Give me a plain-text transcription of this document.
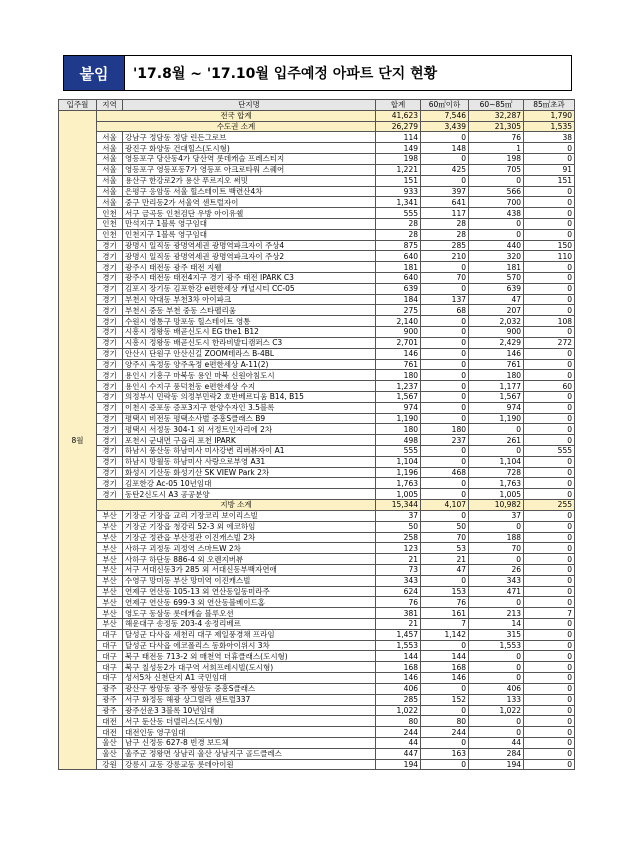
붙임	'17.8월 ~ '17.10월 입주예정 아파트 단지 현황
입주월	지역	단지명	합계	60㎡이하	60~85㎡	85㎡초과
8월	전국 합계		41,623	7,546	32,287	1,790
	수도권 소계		26,279	3,439	21,305	1,535
	서울	강남구 정담동 정담 린든그로브	114	0	76	38
	서울	광진구 화양동 건대힐스(도시형)	149	148	1	0
	서울	영등포구 당산동4가 당산역 롯데캐슬 프레스티지	198	0	198	0
	서울	영등포구 영등포동7가 영등포 아크로타워 스퀘어	1,221	425	705	91
	서울	용산구 한강로2가 용산 푸르지오 써밋	151	0	0	151
	서울	은평구 응암동 서울 힐스테이트 백련산4차	933	397	566	0
	서울	중구 만리동2가 서울역 센트럴자이	1,341	641	700	0
	인천	서구 금곡동 인천검단 우방 아이유쉘	555	117	438	0
	인천	만석지구 1블록 영구임대	28	28	0	0
	인천	인천지구 1블록 영구임대	28	28	0	0
	경기	광명시 일직동 광명역세권 광명역파크자이 주상4	875	285	440	150
	경기	광명시 일직동 광명역세권 광명역파크자이 주상2	640	210	320	110
	경기	광주시 태전동 광주 태전 지웰	181	0	181	0
	경기	광주시 태전동 태전4지구 경기 광주 태전 IPARK C3	640	70	570	0
	경기	김포시 장기동 김포한강 e편한세상 캐널시티 CC-05	639	0	639	0
	경기	부천시 약대동 부천3차 아이파크	184	137	47	0
	경기	부천시 중동 부천 중동 스타펠리움	275	68	207	0
	경기	수원시 영통구 망포동 힐스테이트 영통	2,140	0	2,032	108
	경기	시흥시 정왕동 배곧신도시 EG the1 B12	900	0	900	0
	경기	시흥시 정왕동 배곧신도시 한라비발디캠퍼스 C3	2,701	0	2,429	272
	경기	안산시 단원구 안산신길 ZOOM테라스 B-4BL	146	0	146	0
	경기	양주시 옥정동 양주옥정 e편한세상 A-11(2)	761	0	761	0
	경기	용인시 기흥구 마북동 용인 마북 신원아침도시	180	0	180	0
	경기	용인시 수지구 풍덕천동 e편한세상 수지	1,237	0	1,177	60
	경기	의정부시 민락동 의정부민락2 호반베르디움 B14, B15	1,567	0	1,567	0
	경기	이천시 증포동 증포3지구 한양수자인 3.5블록	974	0	974	0
	경기	평택시 비전동 평택소사벌 중흥S클래스 B9	1,190	0	1,190	0
	경기	평택시 서정동 304-1 외 서정트인자리에 2차	180	180	0	0
	경기	포천시 군내면 구읍리 포천 IPARK	498	237	261	0
	경기	하남시 풍산동 하남미사 미사강변 리버뷰자이 A1	555	0	0	555
	경기	하남시 망월동 하남미사 사랑으로부영 A31	1,104	0	1,104	0
	경기	화성시 기산동 화성기산 SK VIEW Park 2차	1,196	468	728	0
	경기	김포한강 Ac-05 10년임대	1,763	0	1,763	0
	경기	동탄2신도시 A3 공공분양	1,005	0	1,005	0
	지방 소계		15,344	4,107	10,982	255
	부산	기장군 기장읍 교리 기장코리 보이리스빌	37	0	37	0
	부산	기장군 기장읍 청강리 52-3 외 에코하임	50	50	0	0
	부산	기장군 정관읍 부산정관 이진캐스빌 2차	258	70	188	0
	부산	사하구 괴정동 괴정역 스마트W 2차	123	53	70	0
	부산	사하구 하단동 886-4 외 오렌지버뷰	21	21	0	0
	부산	서구 서대신동3가 285 외 서대신동부백자연애	73	47	26	0
	부산	수영구 망미동 부산 망미역 이진캐스빌	343	0	343	0
	부산	연제구 연산동 105-13 외 연산동일동미라주	624	153	471	0
	부산	연제구 연산동 699-3 외 연산동블베이드홈	76	76	0	0
	부산	영도구 동삼동 롯데캐슬 블루오션	381	161	213	7
	부산	해운대구 송정동 203-4 송정리베르	21	7	14	0
	대구	달성군 다사읍 세천리 대구 제일풍경채 프라임	1,457	1,142	315	0
	대구	달성군 다사읍 에코폴리스 동화아이위시 3차	1,553	0	1,553	0
	대구	북구 태전동 713-2 외 매천역 더휴클래스(도시형)	144	144	0	0
	대구	북구 칠성동2가 대구역 서희프레시빌(도시형)	168	168	0	0
	대구	성서5차 신천단지 A1 국민임대	146	146	0	0
	광주	광산구 쌍암동 광주 쌍암동 중흥S클래스	406	0	406	0
	광주	서구 화정동 해광 상그릴라 센트럴337	285	152	133	0
	광주	광주선운3 3블록 10년임대	1,022	0	1,022	0
	대전	서구 둔산동 더델리스(도시형)	80	80	0	0
	대전	대전인동 영구임대	244	244	0	0
	울산	남구 신정동 627-8 빈경 보드체	44	0	44	0
	울산	울주군 정왕면 상남리 울산 상남지구 골드클레스	447	163	284	0
	강원	강릉시 교동 강릉교동 롯데아이원	194	0	194	0
